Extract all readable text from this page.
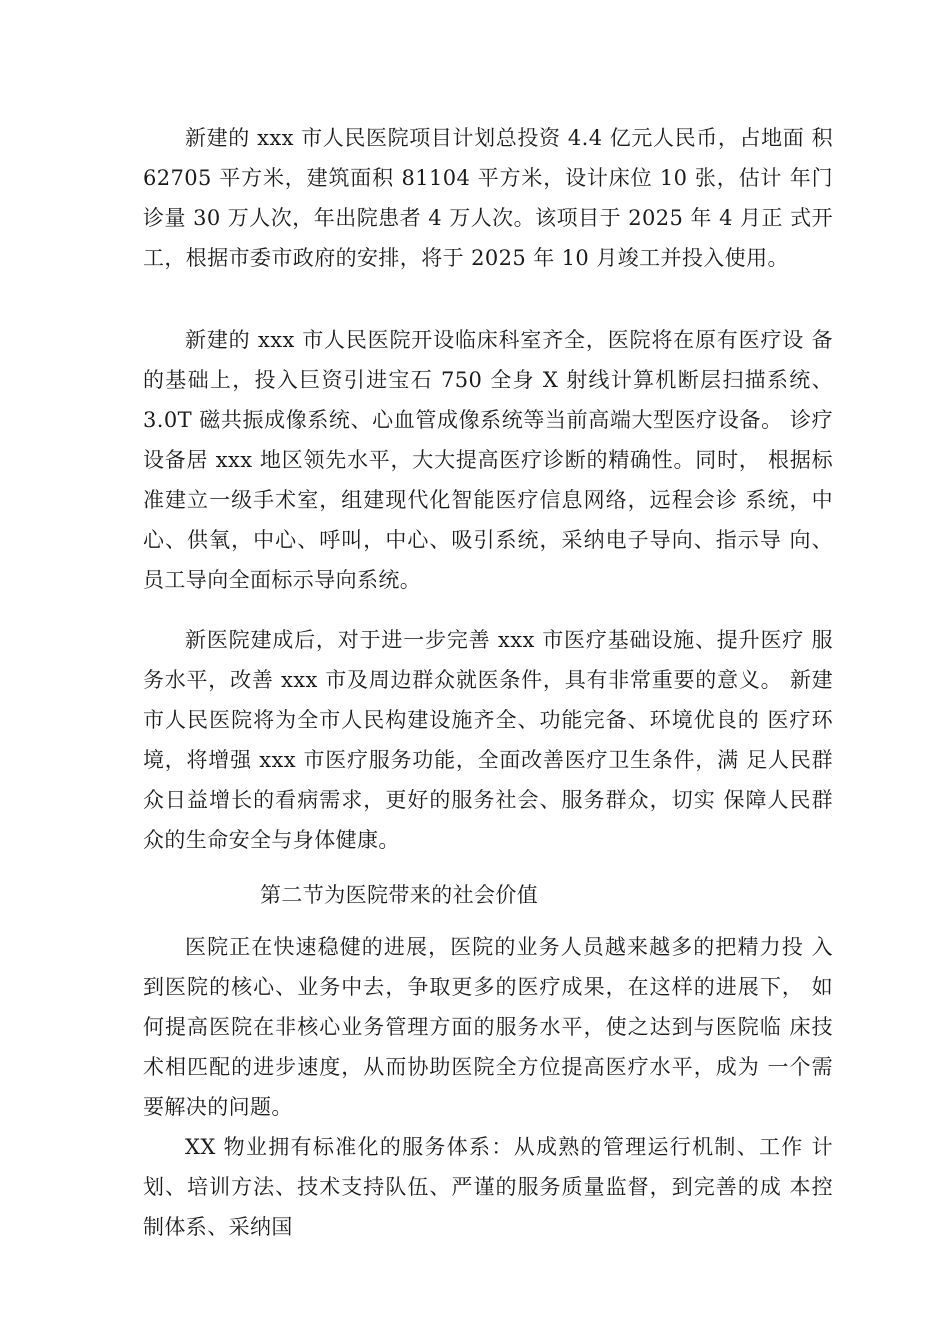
新建的 xxx 市人民医院项目计划总投资 4.4 亿元人民币，占地面 积 62705 平方米，建筑面积 81104 平方米，设计床位 10 张，估计 年门诊量 30 万人次，年出院患者 4 万人次。该项目于 2025 年 4 月正 式开工，根据市委市政府的安排，将于 2025 年 10 月竣工并投入使用。

新建的 xxx 市人民医院开设临床科室齐全，医院将在原有医疗设 备的基础上，投入巨资引进宝石 750 全身 X 射线计算机断层扫描系统、 3.0T 磁共振成像系统、心血管成像系统等当前高端大型医疗设备。 诊疗设备居 xxx 地区领先水平，大大提高医疗诊断的精确性。同时， 根据标准建立一级手术室，组建现代化智能医疗信息网络，远程会诊 系统，中心、供氧，中心、呼叫，中心、吸引系统，采纳电子导向、指示导 向、员工导向全面标示导向系统。

新医院建成后，对于进一步完善 xxx 市医疗基础设施、提升医疗 服务水平，改善 xxx 市及周边群众就医条件，具有非常重要的意义。 新建市人民医院将为全市人民构建设施齐全、功能完备、环境优良的 医疗环境，将增强 xxx 市医疗服务功能，全面改善医疗卫生条件，满 足人民群众日益增长的看病需求，更好的服务社会、服务群众，切实 保障人民群众的生命安全与身体健康。

第二节为医院带来的社会价值

医院正在快速稳健的进展，医院的业务人员越来越多的把精力投 入到医院的核心、业务中去，争取更多的医疗成果，在这样的进展下， 如何提高医院在非核心业务管理方面的服务水平，使之达到与医院临 床技术相匹配的进步速度，从而协助医院全方位提高医疗水平，成为 一个需要解决的问题。

XX 物业拥有标准化的服务体系：从成熟的管理运行机制、工作 计划、培训方法、技术支持队伍、严谨的服务质量监督，到完善的成 本控制体系、采纳国
